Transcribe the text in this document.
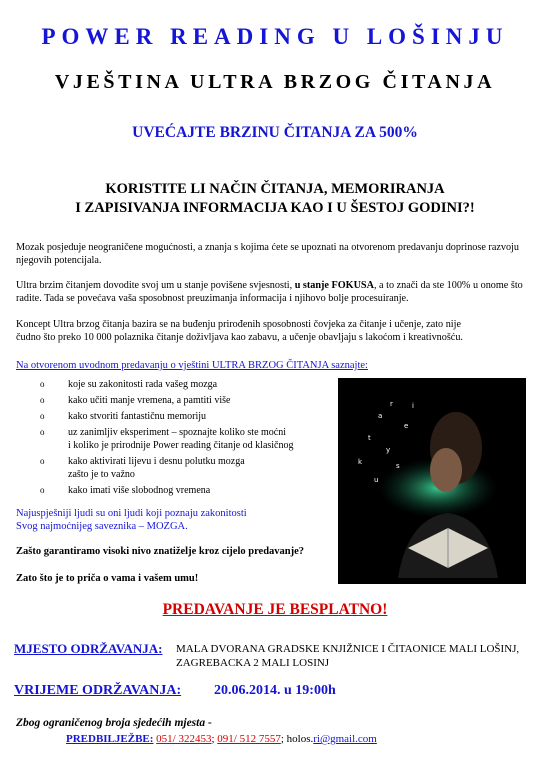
POWER READING U LOŠINJU
VJEŠTINA ULTRA BRZOG ČITANJA
UVEĆAJTE BRZINU ČITANJA ZA 500%
KORISTITE LI NAČIN ČITANJA, MEMORIRANJA
I ZAPISIVANJA INFORMACIJA KAO I U ŠESTOJ GODINI?!
Mozak posjeduje neograničene mogućnosti, a znanja s kojima ćete se upoznati na otvorenom predavanju doprinose razvoju njegovih potencijala.
Ultra brzim čitanjem dovodite svoj um u stanje povišene svjesnosti, u stanje FOKUSA, a to znači da ste 100% u onome što radite. Tada se povećava vaša sposobnost preuzimanja informacija i njihovo bolje procesuiranje.
Koncept Ultra brzog čitanja bazira se na buđenju prirođenih sposobnosti čovjeka za čitanje i učenje, zato nije
čudno što preko 10 000 polaznika čitanje doživljava kao zabavu, a učenje obavljaju s lakoćom i kreativnošću.
Na otvorenom uvodnom predavanju o vještini ULTRA BRZOG ČITANJA saznajte:
o koje su zakonitosti rada vašeg mozga
o kako učiti manje vremena, a pamtiti više
o kako stvoriti fantastičnu memoriju
o uz zanimljiv eksperiment – spoznajte koliko ste moćni
i koliko je prirodnije Power reading čitanje od klasičnog
o kako aktivirati lijevu i desnu polutku mozga
zašto je to važno
o kako imati više slobodnog vremena
Najuspješniji ljudi su oni ljudi koji poznaju zakonitosti
Svog najmoćnijeg saveznika – MOZGA.
Zašto garantiramo visoki nivo znatiželje kroz cijelo predavanje?
Zato što je to priča o vama i vašem umu!
a
r
e
t
y
k	s
u
i
PREDAVANJE JE BESPLATNO!
MJESTO ODRŽAVANJA: MALA DVORANA GRADSKE KNJIŽNICE I ČITAONICE MALI LOŠINJ,
ZAGREBACKA 2 MALI LOSINJ
VRIJEME ODRŽAVANJA: 20.06.2014. u 19:00h
Zbog ograničenog broja sjedećih mjesta -
PREDBILJEŽBE: 051/ 322453; 091/ 512 7557; holos.ri@gmail.com
